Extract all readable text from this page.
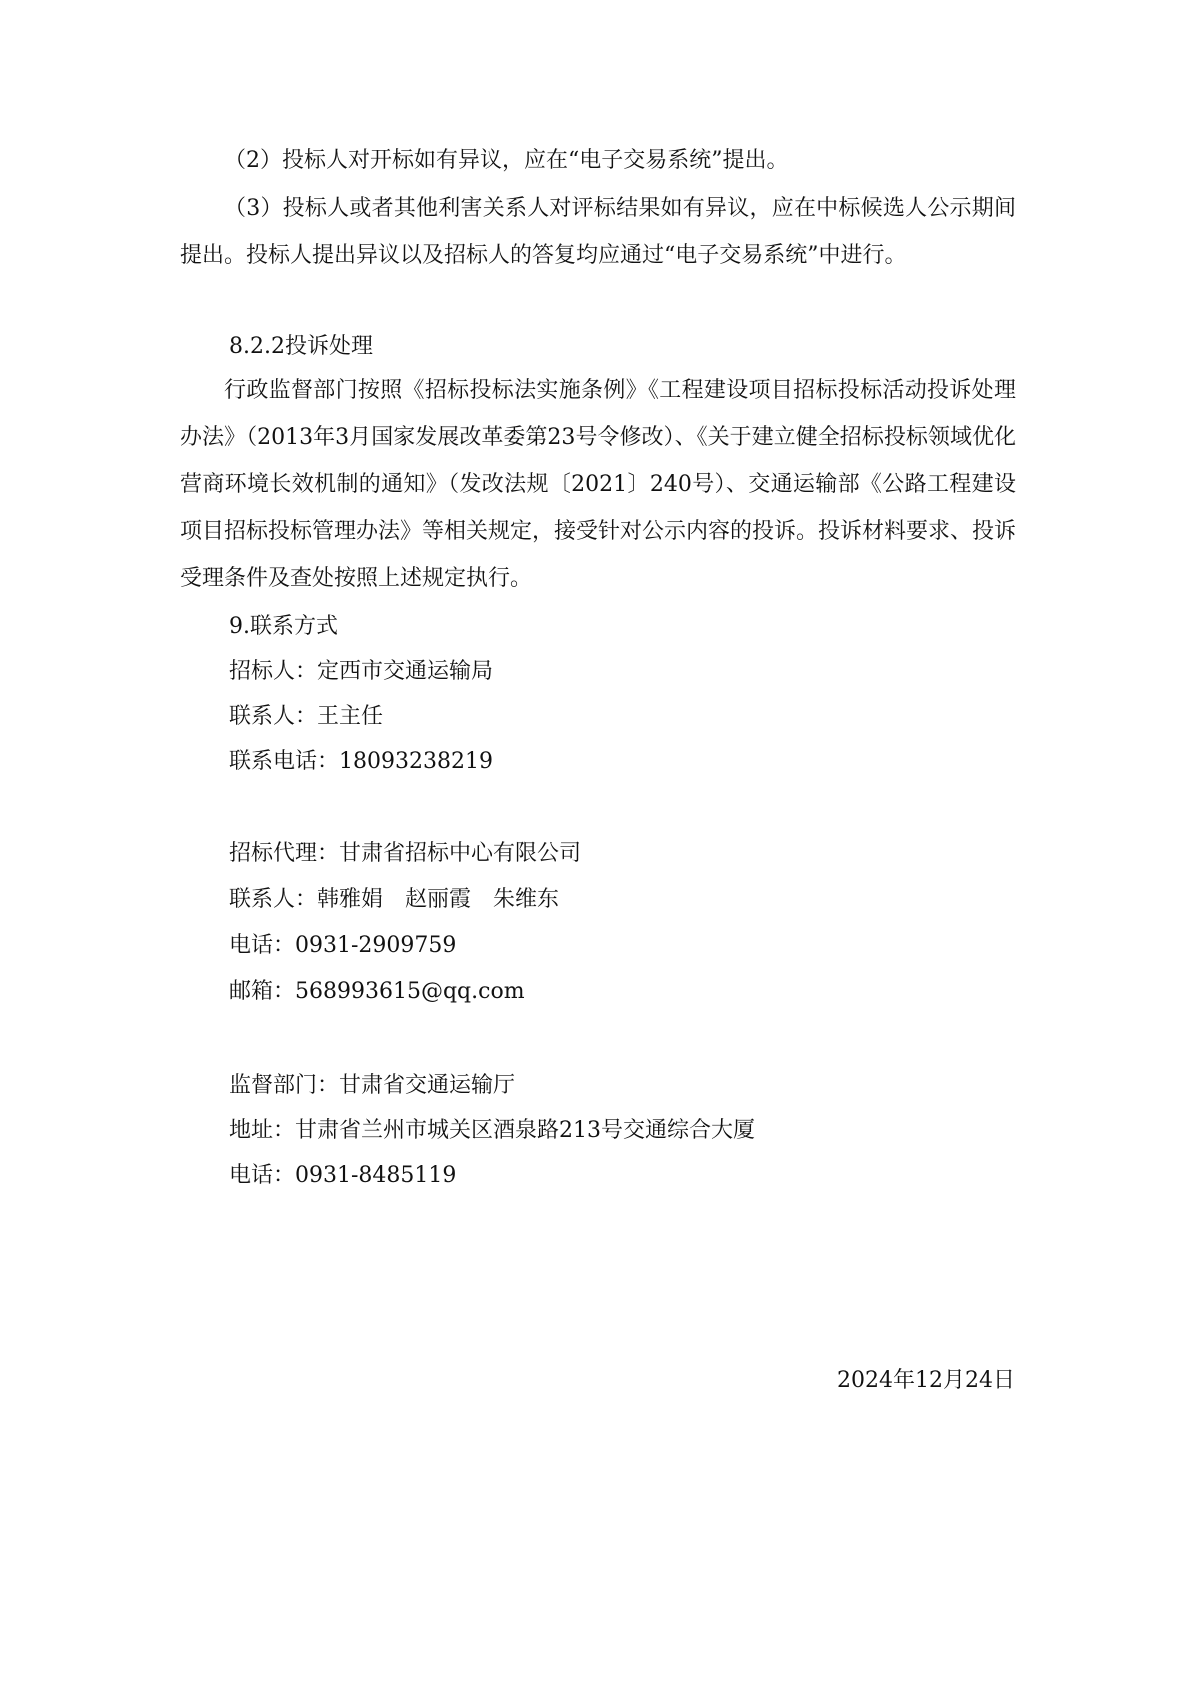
（2）投标人对开标如有异议，应在“电子交易系统”提出。

（3）投标人或者其他利害关系人对评标结果如有异议，应在中标候选人公示期间提出。投标人提出异议以及招标人的答复均应通过“电子交易系统”中进行。

8.2.2投诉处理

行政监督部门按照《招标投标法实施条例》《工程建设项目招标投标活动投诉处理办法》（2013年3月国家发展改革委第23号令修改）、《关于建立健全招标投标领域优化营商环境长效机制的通知》（发改法规〔2021〕240号）、交通运输部《公路工程建设项目招标投标管理办法》等相关规定，接受针对公示内容的投诉。投诉材料要求、投诉受理条件及查处按照上述规定执行。

9.联系方式

招标人：定西市交通运输局

联系人：王主任

联系电话：18093238219

招标代理：甘肃省招标中心有限公司

联系人：韩雅娟　赵丽霞　朱维东

电话：0931-2909759

邮箱：568993615@qq.com

监督部门：甘肃省交通运输厅

地址：甘肃省兰州市城关区酒泉路213号交通综合大厦

电话：0931-8485119

2024年12月24日
